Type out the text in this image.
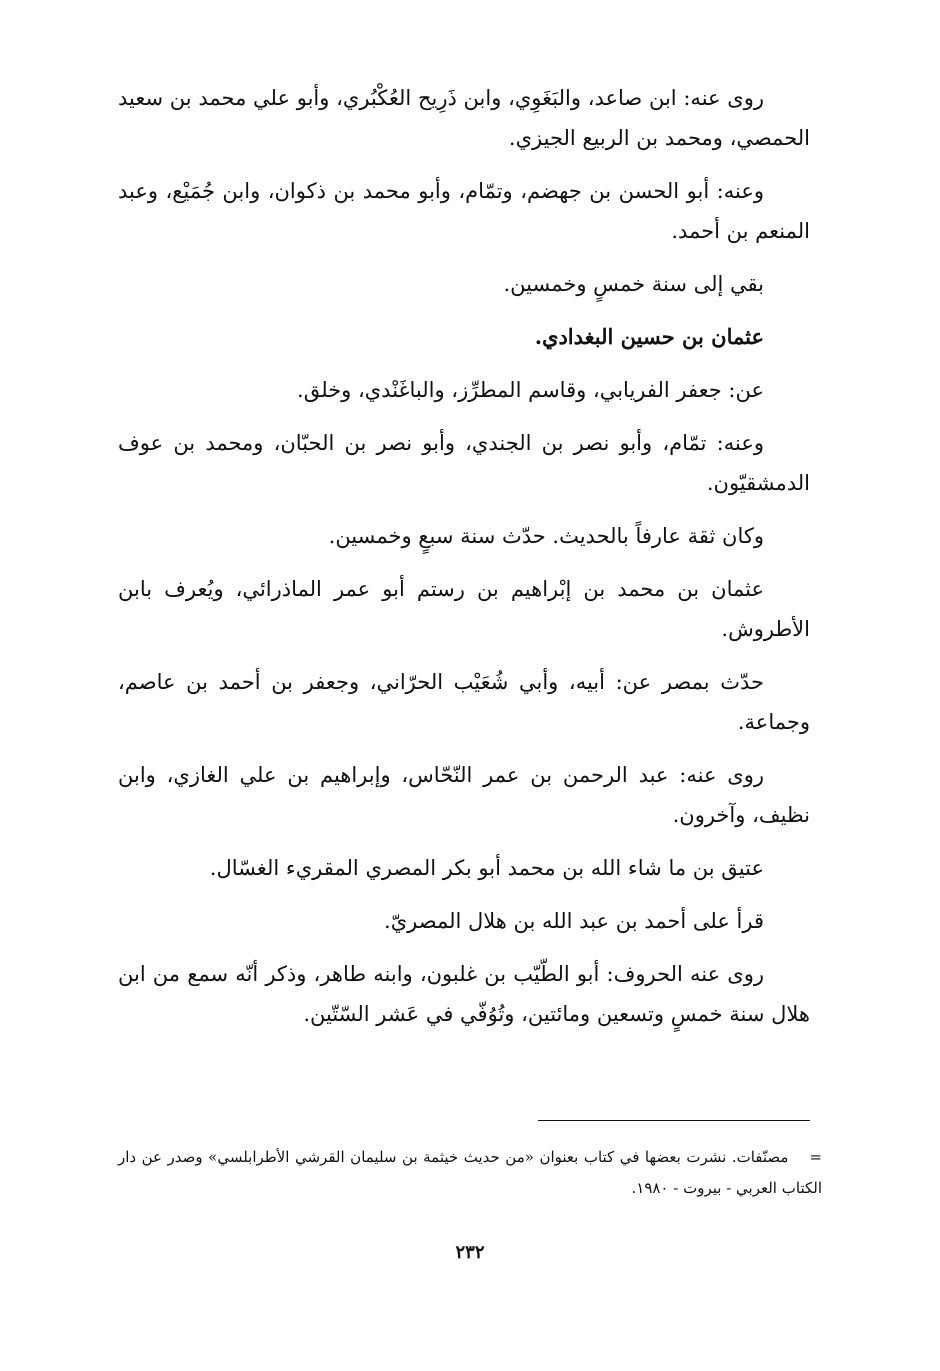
روى عنه: ابن صاعد، والبَغَوِي، وابن ذَرِيح العُكْبُري، وأبو علي محمد بن سعيد الحمصي، ومحمد بن الربيع الجيزي.

وعنه: أبو الحسن بن جهضم، وتمّام، وأبو محمد بن ذكوان، وابن جُمَيْع، وعبد المنعم بن أحمد.

بقي إلى سنة خمسٍ وخمسين.

عثمان بن حسين البغدادي.

عن: جعفر الفريابي، وقاسم المطرِّز، والباغَنْدي، وخلق.

وعنه: تمّام، وأبو نصر بن الجندي، وأبو نصر بن الحبّان، ومحمد بن عوف الدمشقيّون.

وكان ثقة عارفاً بالحديث. حدّث سنة سبعٍ وخمسين.

عثمان بن محمد بن إبْراهيم بن رستم أبو عمر الماذرائي، ويُعرف بابن الأطروش.

حدّث بمصر عن: أبيه، وأبي شُعَيْب الحرّاني، وجعفر بن أحمد بن عاصم، وجماعة.

روى عنه: عبد الرحمن بن عمر النّحّاس، وإبراهيم بن علي الغازي، وابن نظيف، وآخرون.

عتيق بن ما شاء الله بن محمد أبو بكر المصري المقريء الغسّال.

قرأ على أحمد بن عبد الله بن هلال المصريّ.

روى عنه الحروف: أبو الطّيّب بن غلبون، وابنه طاهر، وذكر أنّه سمع من ابن هلال سنة خمسٍ وتسعين ومائتين، وتُوُفّي في عَشر السّتّين.

= مصنّفات. نشرت بعضها في كتاب بعنوان «من حديث خيثمة بن سليمان القرشي الأطرابلسي» وصدر عن دار الكتاب العربي - بيروت - ١٩٨٠.
٢٣٢
